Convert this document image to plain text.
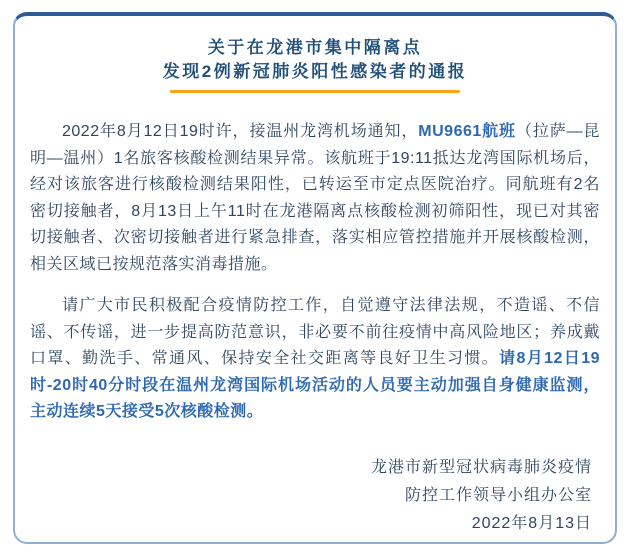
关于在龙港市集中隔离点
发现2例新冠肺炎阳性感染者的通报

2022年8月12日19时许，接温州龙湾机场通知，MU9661航班（拉萨—昆明—温州）1名旅客核酸检测结果异常。该航班于19:11抵达龙湾国际机场后，经对该旅客进行核酸检测结果阳性，已转运至市定点医院治疗。同航班有2名密切接触者，8月13日上午11时在龙港隔离点核酸检测初筛阳性，现已对其密切接触者、次密切接触者进行紧急排查，落实相应管控措施并开展核酸检测，相关区域已按规范落实消毒措施。

请广大市民积极配合疫情防控工作，自觉遵守法律法规，不造谣、不信谣、不传谣，进一步提高防范意识，非必要不前往疫情中高风险地区；养成戴口罩、勤洗手、常通风、保持安全社交距离等良好卫生习惯。请8月12日19时-20时40分时段在温州龙湾国际机场活动的人员要主动加强自身健康监测，主动连续5天接受5次核酸检测。

龙港市新型冠状病毒肺炎疫情
防控工作领导小组办公室
2022年8月13日
